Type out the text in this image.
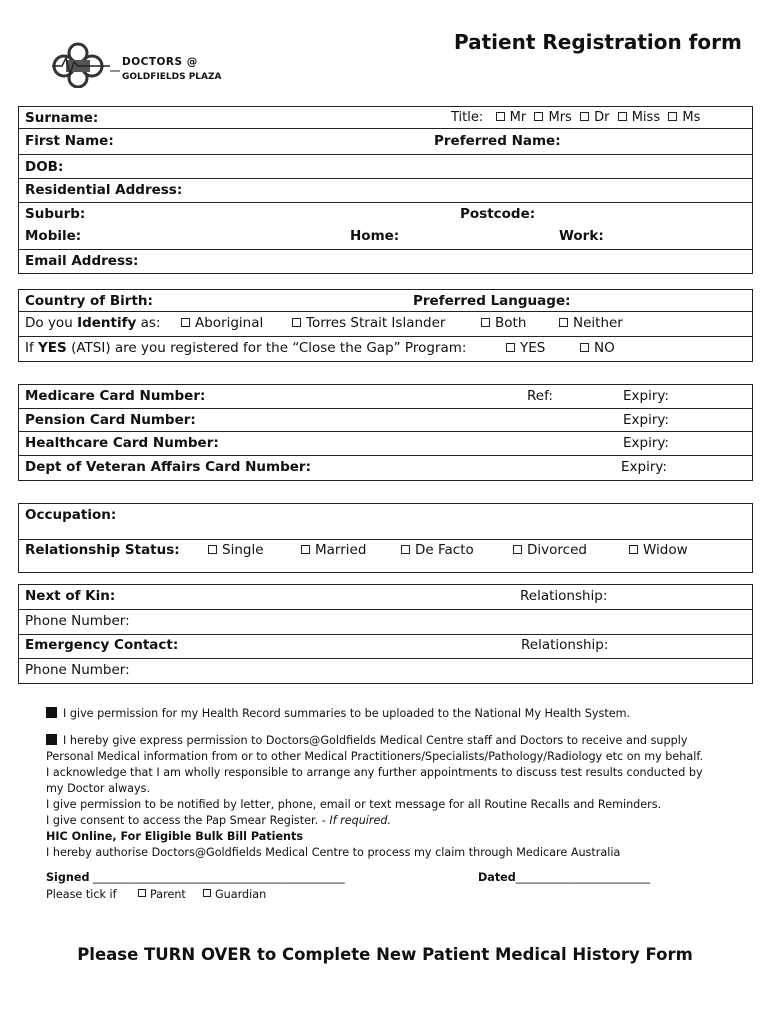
DOCTORS @
GOLDFIELDS PLAZA
Patient Registration form
Surname:	Title: Mr Mrs Dr Miss Ms
First Name:	Preferred Name:
DOB:
Residential Address:
Suburb:	Postcode:
Mobile:	Home:	Work:
Email Address:
Country of Birth:	Preferred Language:
Do you Identify as:	Aboriginal	Torres Strait Islander	Both	Neither
If YES (ATSI) are you registered for the “Close the Gap” Program:	YES	NO
Medicare Card Number:	Ref:	Expiry:
Pension Card Number:	Expiry:
Healthcare Card Number:	Expiry:
Dept of Veteran Affairs Card Number:	Expiry:
Occupation:
Relationship Status:	Single	Married	De Facto	Divorced	Widow
Next of Kin:	Relationship:
Phone Number:
Emergency Contact:	Relationship:
Phone Number:
I give permission for my Health Record summaries to be uploaded to the National My Health System.
I hereby give express permission to Doctors@Goldfields Medical Centre staff and Doctors to receive and supply
Personal Medical information from or to other Medical Practitioners/Specialists/Pathology/Radiology etc on my behalf.
I acknowledge that I am wholly responsible to arrange any further appointments to discuss test results conducted by
my Doctor always.
I give permission to be notified by letter, phone, email or text message for all Routine Recalls and Reminders.
I give consent to access the Pap Smear Register. - If required.
HIC Online, For Eligible Bulk Bill Patients
I hereby authorise Doctors@Goldfields Medical Centre to process my claim through Medicare Australia
Signed _____________________________________________	Dated________________________
Please tick if	Parent	Guardian
Please TURN OVER to Complete New Patient Medical History Form
